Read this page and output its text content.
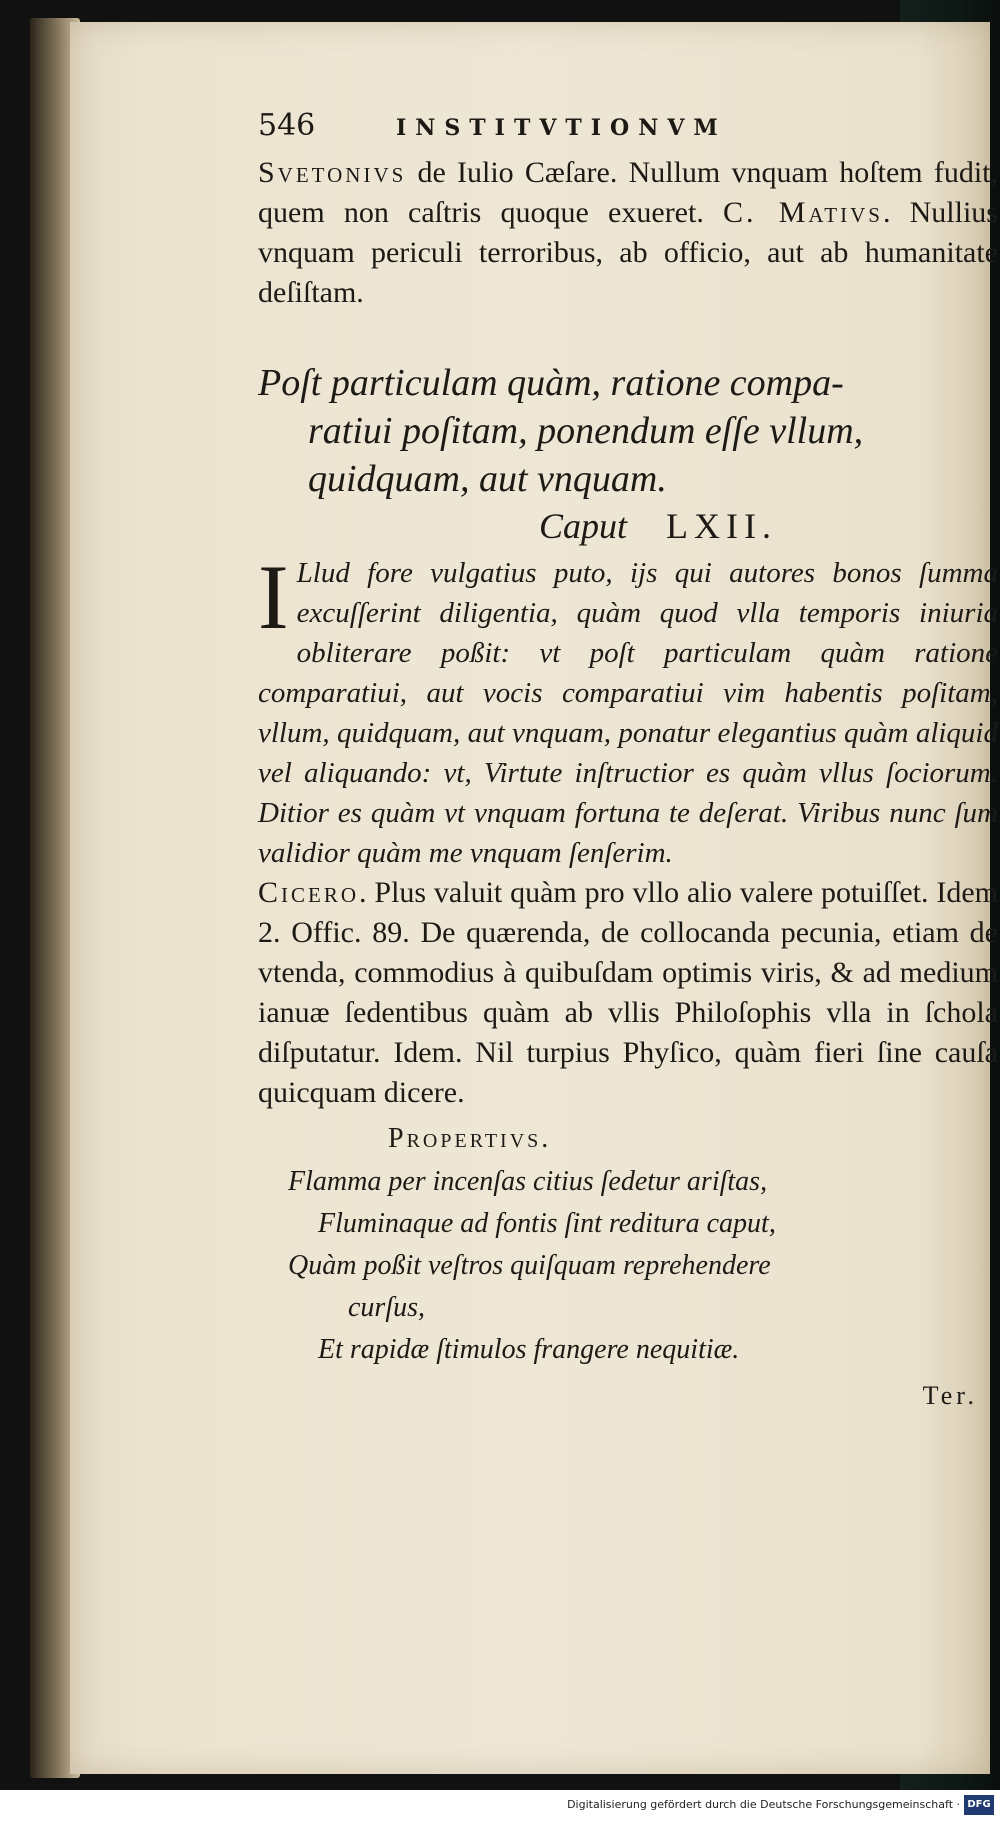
546	INSTITVTIONVM

Svetonivs de Iulio Cæſare. Nullum vnquam hoſtem fudit, quem non caſtris quoque exueret. C. Mativs. Nullius vnquam periculi terroribus, ab officio, aut ab humanitate deſiſtam.

Poſt particulam quàm, ratione compa-
ratiui poſitam, ponendum eſſe vllum,
quidquam, aut vnquam.
Caput LXII.

I Llud fore vulgatius puto, ijs qui autores bonos ſumma excuſſerint diligentia, quàm quod vlla temporis iniuria obliterare poßit: vt poſt particulam quàm ratione comparatiui, aut vocis comparatiui vim habentis poſitam, vllum, quidquam, aut vnquam, ponatur elegantius quàm aliquid vel aliquando: vt, Virtute inſtructior es quàm vllus ſociorum. Ditior es quàm vt vnquam fortuna te deſerat. Viribus nunc ſum validior quàm me vnquam ſenſerim.

Cicero. Plus valuit quàm pro vllo alio valere potuiſſet. Idem 2. Offic. 89. De quærenda, de collocanda pecunia, etiam de vtenda, commodius à quibuſdam optimis viris, & ad medium ianuæ ſedentibus quàm ab vllis Philoſophis vlla in ſchola diſputatur. Idem. Nil turpius Phyſico, quàm fieri ſine cauſa quicquam dicere.

Propertivs.
Flamma per incenſas citius ſedetur ariſtas,
Fluminaque ad fontis ſint reditura caput,
Quàm poßit veſtros quiſquam reprehendere
curſus,
Et rapidæ ſtimulos frangere nequitiæ.
Ter.
Digitalisierung gefördert durch die Deutsche Forschungsgemeinschaft · DFG
